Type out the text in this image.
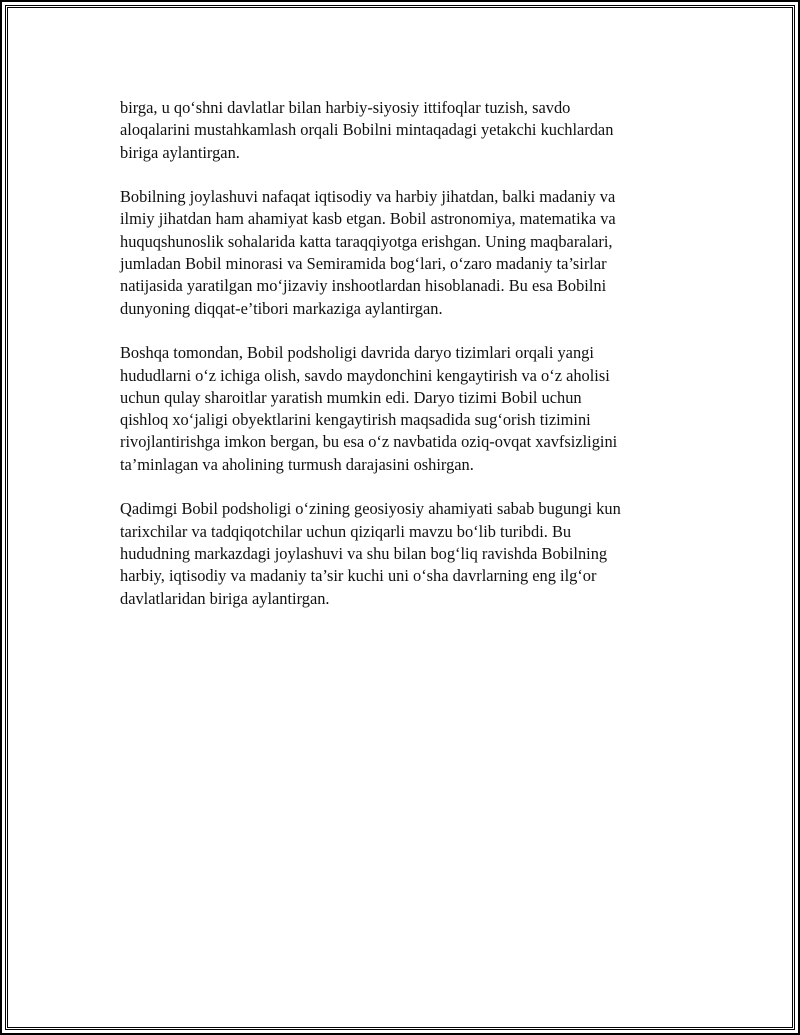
birga, u qo‘shni davlatlar bilan harbiy-siyosiy ittifoqlar tuzish, savdo
aloqalarini mustahkamlash orqali Bobilni mintaqadagi yetakchi kuchlardan
biriga aylantirgan.

Bobilning joylashuvi nafaqat iqtisodiy va harbiy jihatdan, balki madaniy va
ilmiy jihatdan ham ahamiyat kasb etgan. Bobil astronomiya, matematika va
huquqshunoslik sohalarida katta taraqqiyotga erishgan. Uning maqbaralari,
jumladan Bobil minorasi va Semiramida bog‘lari, o‘zaro madaniy ta’sirlar
natijasida yaratilgan mo‘jizaviy inshootlardan hisoblanadi. Bu esa Bobilni
dunyoning diqqat-e’tibori markaziga aylantirgan.

Boshqa tomondan, Bobil podsholigi davrida daryo tizimlari orqali yangi
hududlarni o‘z ichiga olish, savdo maydonchini kengaytirish va o‘z aholisi
uchun qulay sharoitlar yaratish mumkin edi. Daryo tizimi Bobil uchun
qishloq xo‘jaligi obyektlarini kengaytirish maqsadida sug‘orish tizimini
rivojlantirishga imkon bergan, bu esa o‘z navbatida oziq-ovqat xavfsizligini
ta’minlagan va aholining turmush darajasini oshirgan.

Qadimgi Bobil podsholigi o‘zining geosiyosiy ahamiyati sabab bugungi kun
tarixchilar va tadqiqotchilar uchun qiziqarli mavzu bo‘lib turibdi. Bu
hududning markazdagi joylashuvi va shu bilan bog‘liq ravishda Bobilning
harbiy, iqtisodiy va madaniy ta’sir kuchi uni o‘sha davrlarning eng ilg‘or
davlatlaridan biriga aylantirgan.
